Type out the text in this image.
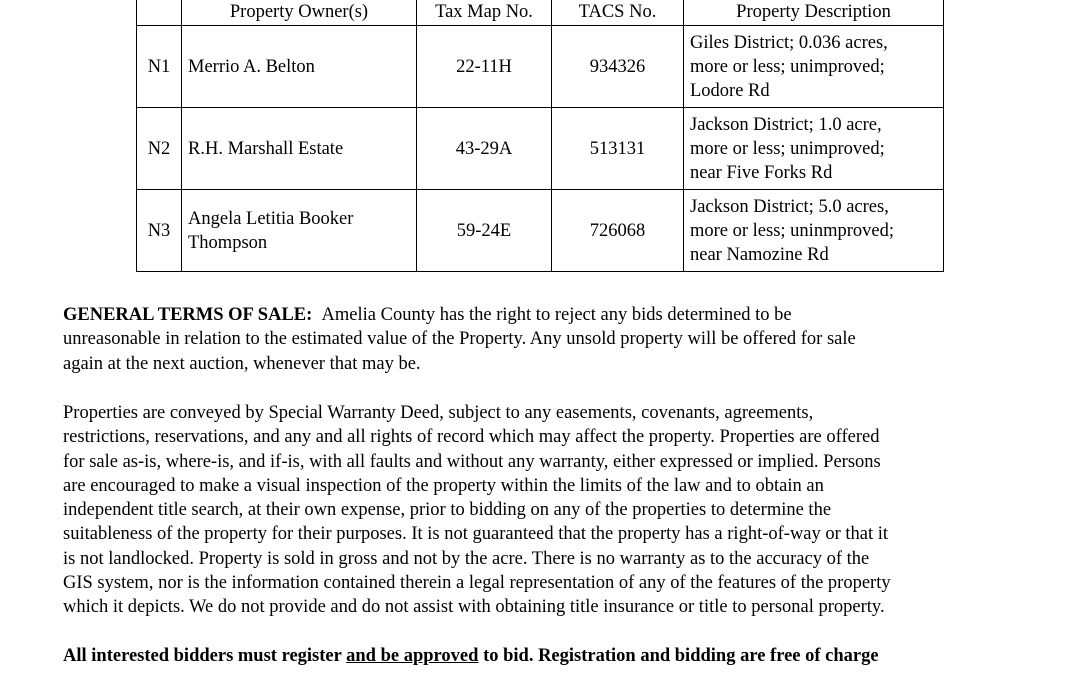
	Property Owner(s)	Tax Map No.	TACS No.	Property Description
N1	Merrio A. Belton	22-11H	934326	Giles District; 0.036 acres,
more or less; unimproved;
Lodore Rd

N2	R.H. Marshall Estate	43-29A	513131	Jackson District; 1.0 acre,
more or less; unimproved;
near Five Forks Rd

N3	Angela Letitia Booker
Thompson	59-24E	726068	Jackson District; 5.0 acres,
more or less; uninmproved;
near Namozine Rd
GENERAL TERMS OF SALE: Amelia County has the right to reject any bids determined to be
unreasonable in relation to the estimated value of the Property. Any unsold property will be offered for sale
again at the next auction, whenever that may be.
Properties are conveyed by Special Warranty Deed, subject to any easements, covenants, agreements,
restrictions, reservations, and any and all rights of record which may affect the property. Properties are offered
for sale as-is, where-is, and if-is, with all faults and without any warranty, either expressed or implied. Persons
are encouraged to make a visual inspection of the property within the limits of the law and to obtain an
independent title search, at their own expense, prior to bidding on any of the properties to determine the
suitableness of the property for their purposes. It is not guaranteed that the property has a right-of-way or that it
is not landlocked. Property is sold in gross and not by the acre. There is no warranty as to the accuracy of the
GIS system, nor is the information contained therein a legal representation of any of the features of the property
which it depicts. We do not provide and do not assist with obtaining title insurance or title to personal property.
All interested bidders must register and be approved to bid. Registration and bidding are free of charge
